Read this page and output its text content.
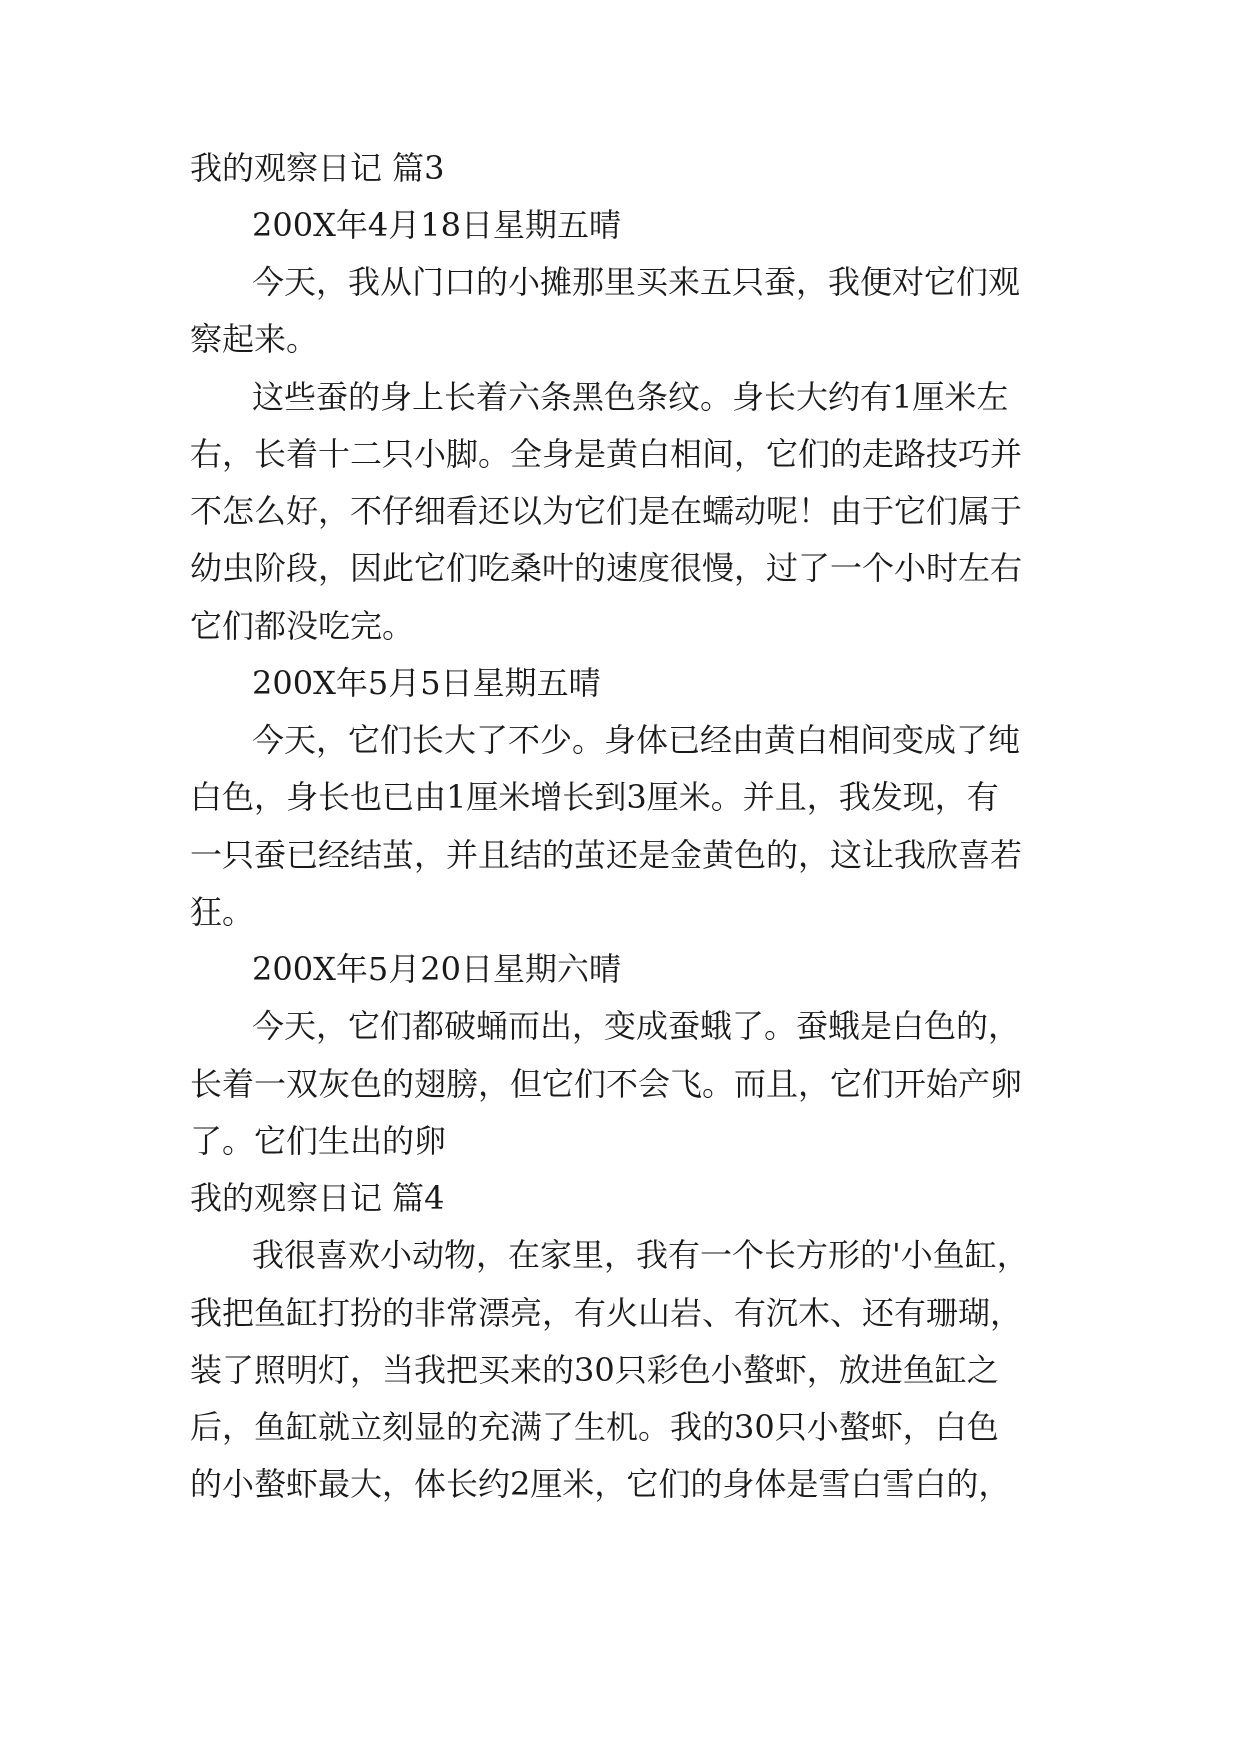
我的观察日记 篇3
200X年4月18日星期五晴
今天，我从门口的小摊那里买来五只蚕，我便对它们观
察起来。
这些蚕的身上长着六条黑色条纹。身长大约有1厘米左
右，长着十二只小脚。全身是黄白相间，它们的走路技巧并
不怎么好，不仔细看还以为它们是在蠕动呢！由于它们属于
幼虫阶段，因此它们吃桑叶的速度很慢，过了一个小时左右
它们都没吃完。
200X年5月5日星期五晴
今天，它们长大了不少。身体已经由黄白相间变成了纯
白色，身长也已由1厘米增长到3厘米。并且，我发现，有
一只蚕已经结茧，并且结的茧还是金黄色的，这让我欣喜若
狂。
200X年5月20日星期六晴
今天，它们都破蛹而出，变成蚕蛾了。蚕蛾是白色的，
长着一双灰色的翅膀，但它们不会飞。而且，它们开始产卵
了。它们生出的卵
我的观察日记 篇4
我很喜欢小动物，在家里，我有一个长方形的'小鱼缸，
我把鱼缸打扮的非常漂亮，有火山岩、有沉木、还有珊瑚，
装了照明灯，当我把买来的30只彩色小螯虾，放进鱼缸之
后，鱼缸就立刻显的充满了生机。我的30只小螯虾，白色
的小螯虾最大，体长约2厘米，它们的身体是雪白雪白的，
